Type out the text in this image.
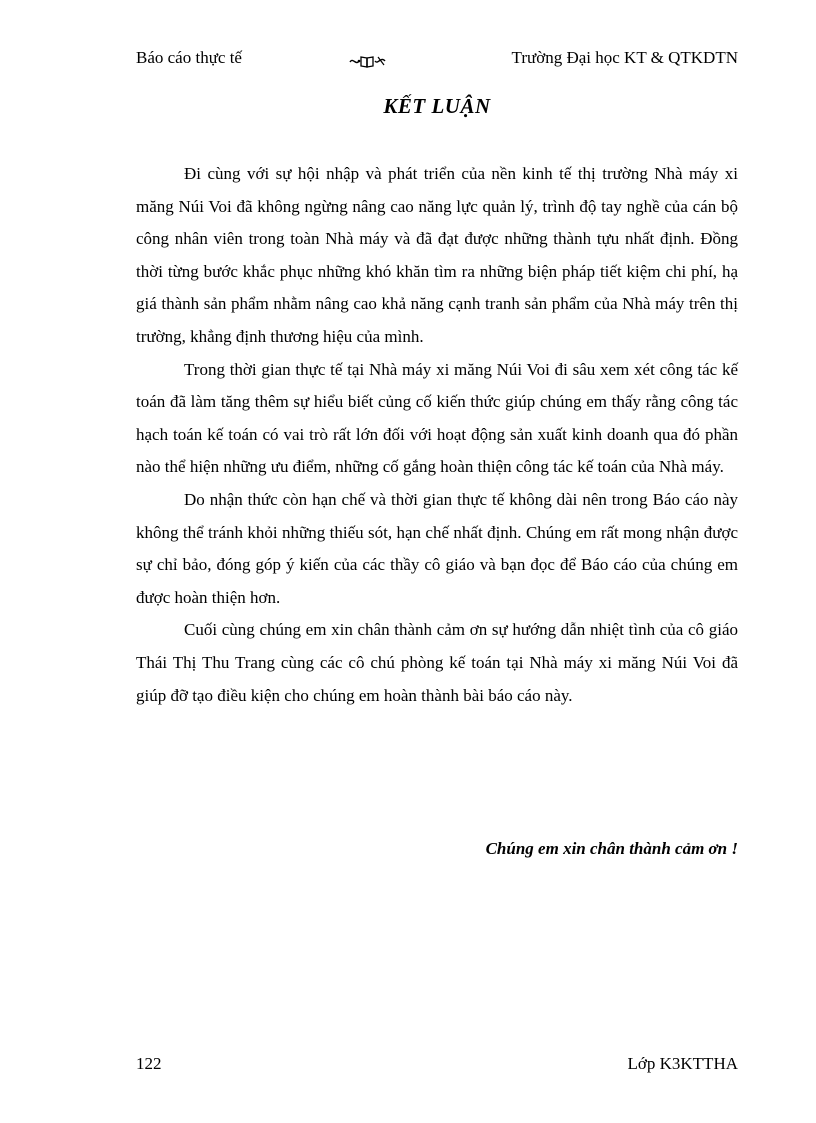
Báo cáo thực tế	Trường Đại học KT & QTKDTN
KẾT LUẬN

Đi cùng với sự hội nhập và phát triển của nền kinh tế thị trường Nhà máy xi măng Núi Voi đã không ngừng nâng cao năng lực quản lý, trình độ tay nghề của cán bộ công nhân viên trong toàn Nhà máy và đã đạt được những thành tựu nhất định. Đồng thời từng bước khắc phục những khó khăn tìm ra những biện pháp tiết kiệm chi phí, hạ giá thành sản phẩm nhằm nâng cao khả năng cạnh tranh sản phẩm của Nhà máy trên thị trường, khẳng định thương hiệu của mình.

Trong thời gian thực tế tại Nhà máy xi măng Núi Voi đi sâu xem xét công tác kế toán đã làm tăng thêm sự hiểu biết củng cố kiến thức giúp chúng em thấy rằng công tác hạch toán kế toán có vai trò rất lớn đối với hoạt động sản xuất kinh doanh qua đó phần nào thể hiện những ưu điểm, những cố gắng hoàn thiện công tác kế toán của Nhà máy.

Do nhận thức còn hạn chế và thời gian thực tế không dài nên trong Báo cáo này không thể tránh khỏi những thiếu sót, hạn chế nhất định. Chúng em rất mong nhận được sự chỉ bảo, đóng góp ý kiến của các thầy cô giáo và bạn đọc để Báo cáo của chúng em được hoàn thiện hơn.

Cuối cùng chúng em xin chân thành cảm ơn sự hướng dẫn nhiệt tình của cô giáo Thái Thị Thu Trang cùng các cô chú phòng kế toán tại Nhà máy xi măng Núi Voi đã giúp đỡ tạo điều kiện cho chúng em hoàn thành bài báo cáo này.

Chúng em xin chân thành cảm ơn !
122	Lớp K3KTTHA
